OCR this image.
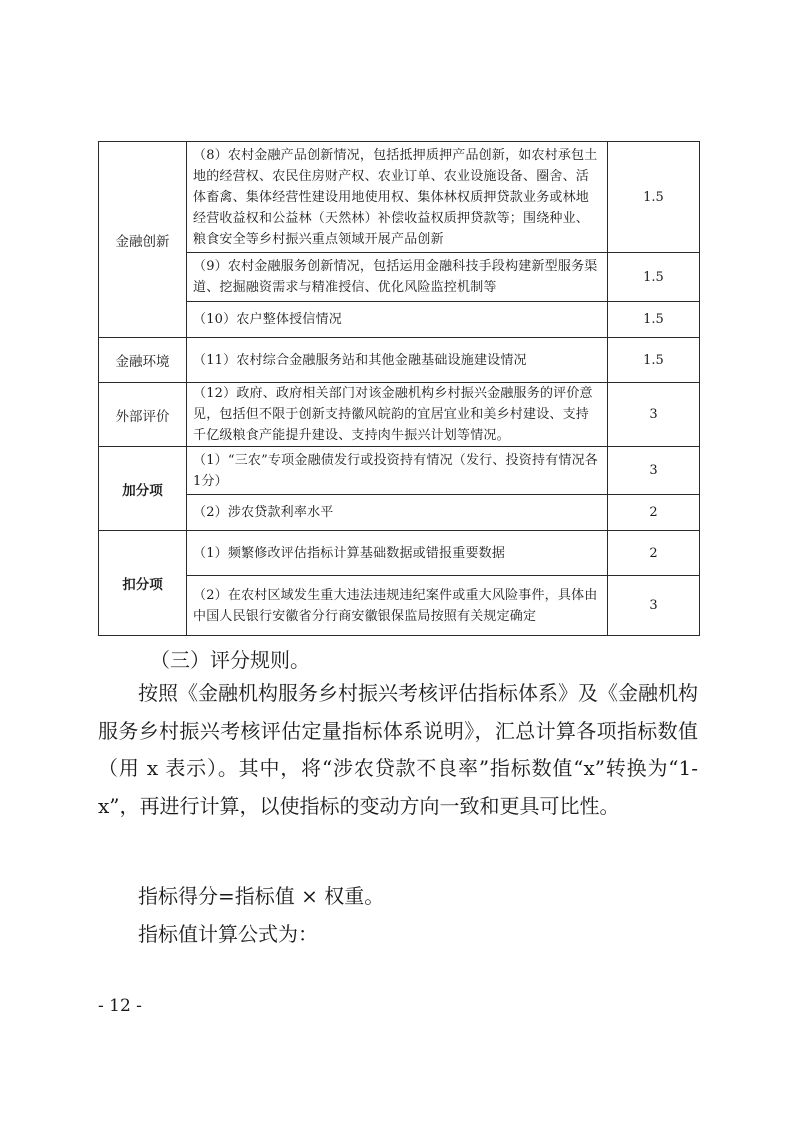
金融创新	（8）农村金融产品创新情况，包括抵押质押产品创新，如农村承包土地的经营权、农民住房财产权、农业订单、农业设施设备、圈舍、活体畜禽、集体经营性建设用地使用权、集体林权质押贷款业务或林地经营收益权和公益林（天然林）补偿收益权质押贷款等；围绕种业、粮食安全等乡村振兴重点领域开展产品创新	1.5
	（9）农村金融服务创新情况，包括运用金融科技手段构建新型服务渠道、挖掘融资需求与精准授信、优化风险监控机制等	1.5
	（10）农户整体授信情况	1.5
金融环境	（11）农村综合金融服务站和其他金融基础设施建设情况	1.5
外部评价	（12）政府、政府相关部门对该金融机构乡村振兴金融服务的评价意见，包括但不限于创新支持徽风皖韵的宜居宜业和美乡村建设、支持千亿级粮食产能提升建设、支持肉牛振兴计划等情况。	3
加分项	（1）“三农”专项金融债发行或投资持有情况（发行、投资持有情况各1分）	3
	（2）涉农贷款利率水平	2
扣分项	（1）频繁修改评估指标计算基础数据或错报重要数据	2
	（2）在农村区域发生重大违法违规违纪案件或重大风险事件，具体由中国人民银行安徽省分行商安徽银保监局按照有关规定确定	3
（三）评分规则。

按照《金融机构服务乡村振兴考核评估指标体系》及《金融机构服务乡村振兴考核评估定量指标体系说明》，汇总计算各项指标数值（用 x 表示）。其中，将“涉农贷款不良率”指标数值“x”转换为“1-x”，再进行计算，以使指标的变动方向一致和更具可比性。

指标得分=指标值 × 权重。

指标值计算公式为：

- 12 -
